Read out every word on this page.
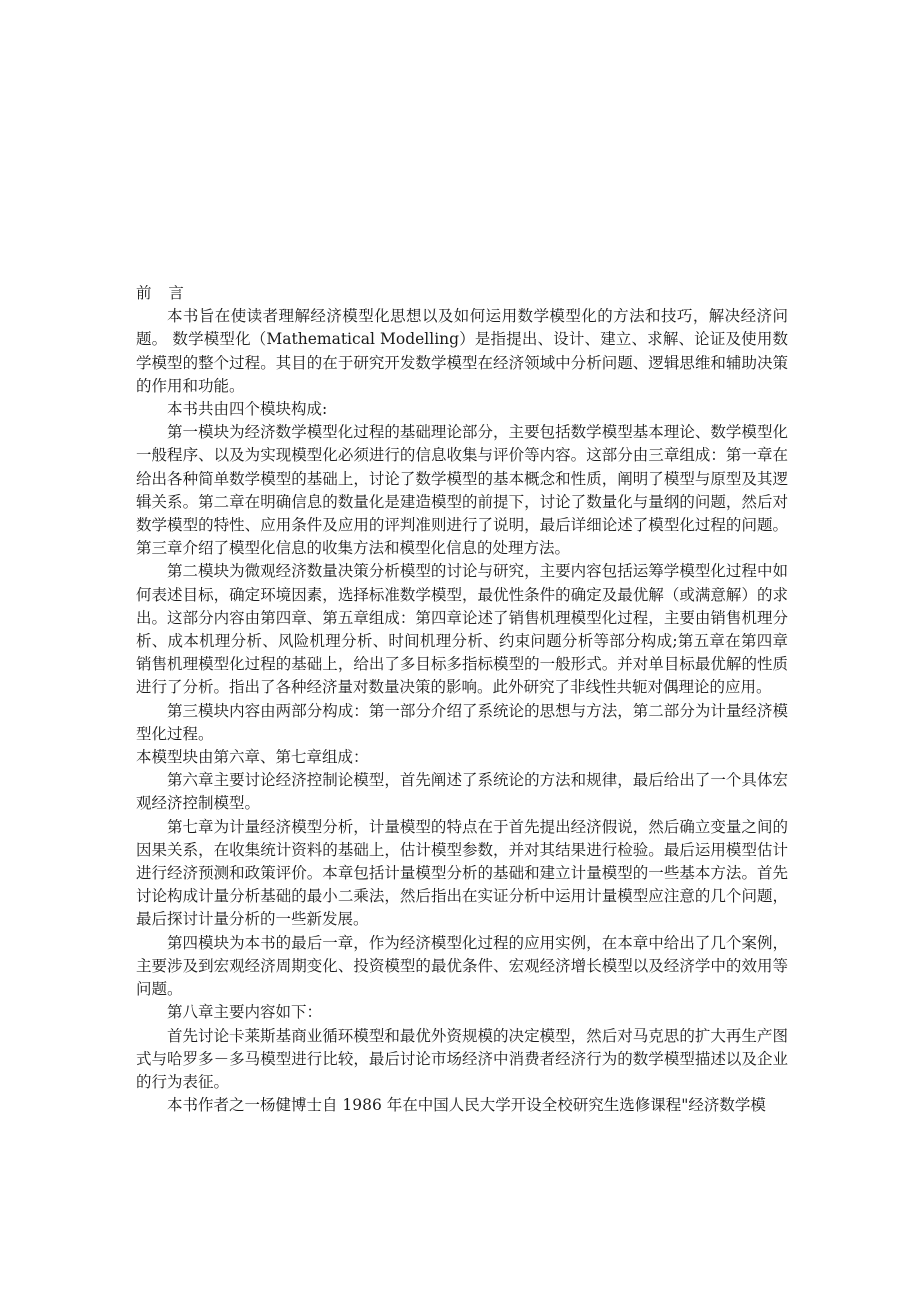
前 言

本书旨在使读者理解经济模型化思想以及如何运用数学模型化的方法和技巧，解决经济问题。 数学模型化（Mathematical Modelling）是指提出、设计、建立、求解、论证及使用数学模型的整个过程。其目的在于研究开发数学模型在经济领域中分析问题、逻辑思维和辅助决策的作用和功能。

本书共由四个模块构成:

第一模块为经济数学模型化过程的基础理论部分，主要包括数学模型基本理论、数学模型化一般程序、以及为实现模型化必须进行的信息收集与评价等内容。这部分由三章组成：第一章在给出各种简单数学模型的基础上，讨论了数学模型的基本概念和性质，阐明了模型与原型及其逻辑关系。第二章在明确信息的数量化是建造模型的前提下，讨论了数量化与量纲的问题，然后对数学模型的特性、应用条件及应用的评判准则进行了说明，最后详细论述了模型化过程的问题。第三章介绍了模型化信息的收集方法和模型化信息的处理方法。

第二模块为微观经济数量决策分析模型的讨论与研究，主要内容包括运筹学模型化过程中如何表述目标，确定环境因素，选择标准数学模型，最优性条件的确定及最优解（或满意解）的求出。这部分内容由第四章、第五章组成：第四章论述了销售机理模型化过程，主要由销售机理分析、成本机理分析、风险机理分析、时间机理分析、约束问题分析等部分构成;第五章在第四章销售机理模型化过程的基础上，给出了多目标多指标模型的一般形式。并对单目标最优解的性质进行了分析。指出了各种经济量对数量决策的影响。此外研究了非线性共轭对偶理论的应用。

第三模块内容由两部分构成：第一部分介绍了系统论的思想与方法，第二部分为计量经济模型化过程。

本模型块由第六章、第七章组成：

第六章主要讨论经济控制论模型，首先阐述了系统论的方法和规律，最后给出了一个具体宏观经济控制模型。

第七章为计量经济模型分析，计量模型的特点在于首先提出经济假说，然后确立变量之间的因果关系，在收集统计资料的基础上，估计模型参数，并对其结果进行检验。最后运用模型估计进行经济预测和政策评价。本章包括计量模型分析的基础和建立计量模型的一些基本方法。首先讨论构成计量分析基础的最小二乘法，然后指出在实证分析中运用计量模型应注意的几个问题，最后探讨计量分析的一些新发展。

第四模块为本书的最后一章，作为经济模型化过程的应用实例，在本章中给出了几个案例，主要涉及到宏观经济周期变化、投资模型的最优条件、宏观经济增长模型以及经济学中的效用等问题。

第八章主要内容如下：

首先讨论卡莱斯基商业循环模型和最优外资规模的决定模型，然后对马克思的扩大再生产图式与哈罗多－多马模型进行比较，最后讨论市场经济中消费者经济行为的数学模型描述以及企业的行为表征。

本书作者之一杨健博士自 1986 年在中国人民大学开设全校研究生选修课程"经济数学模
